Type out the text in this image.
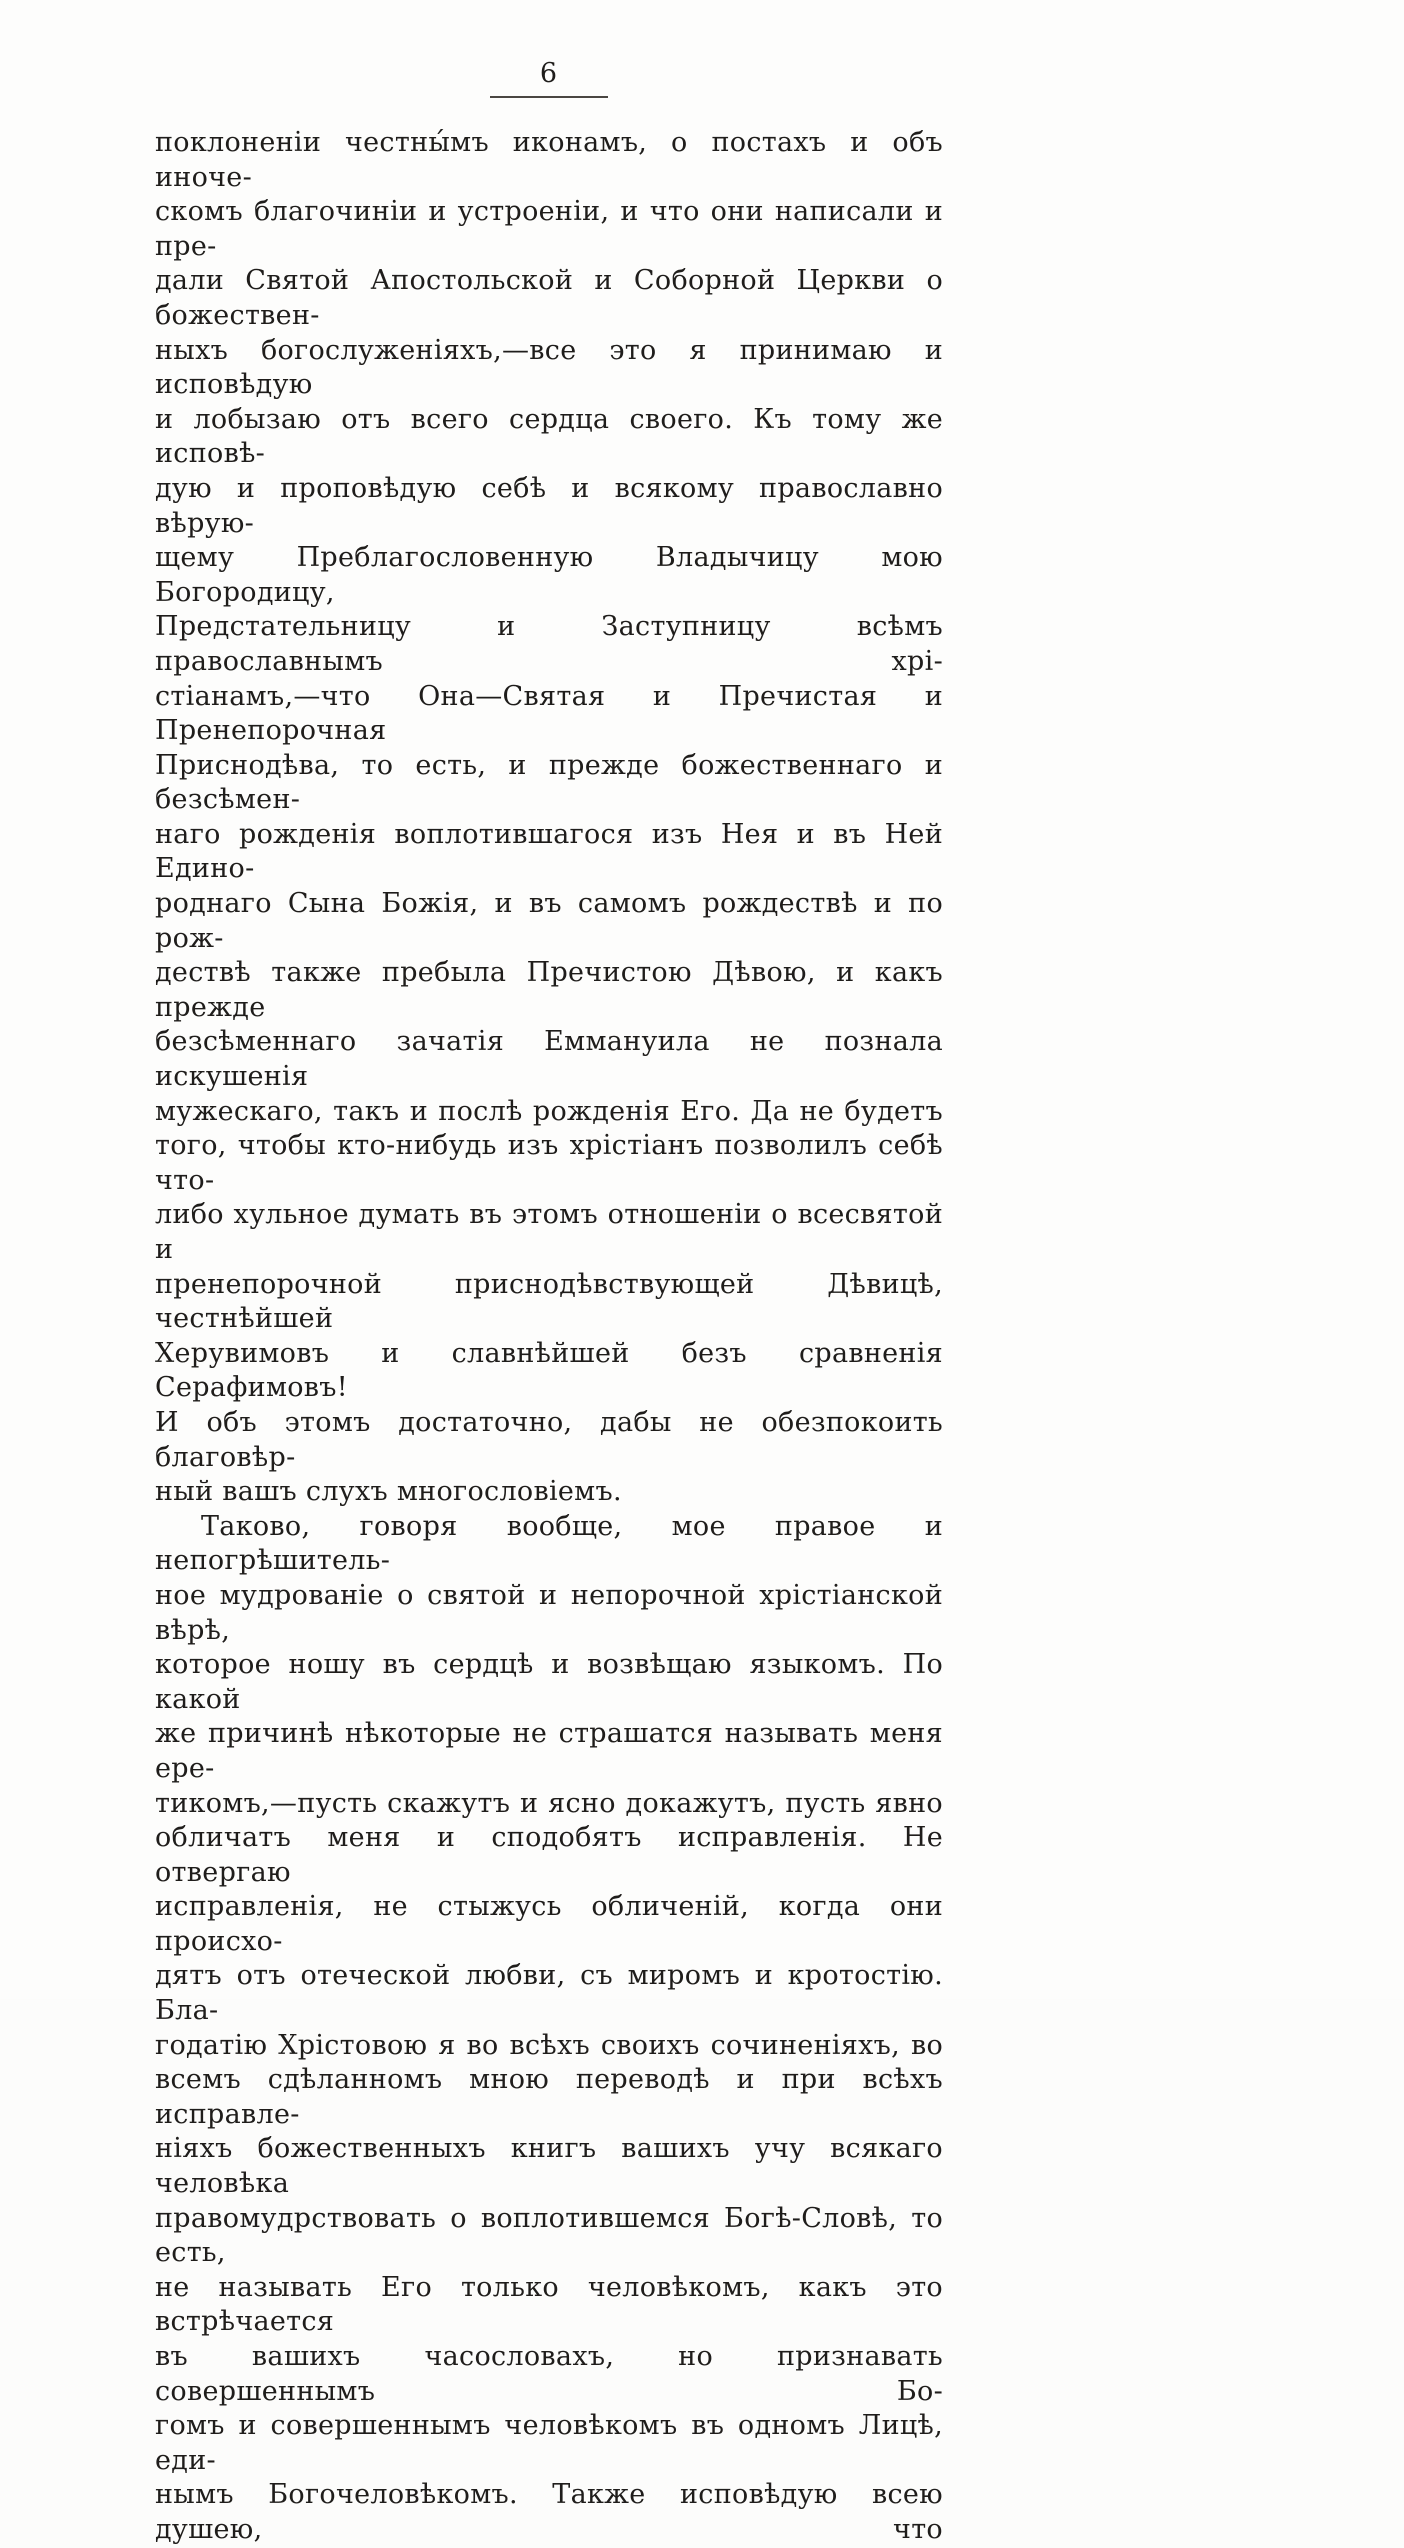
6
поклоненіи честны́мъ иконамъ, о постахъ и объ иноче-
скомъ благочиніи и устроеніи, и что они написали и пре-
дали Святой Апостольской и Соборной Церкви о божествен-
ныхъ богослуженіяхъ,—все это я принимаю и исповѣдую
и лобызаю отъ всего сердца своего. Къ тому же исповѣ-
дую и проповѣдую себѣ и всякому православно вѣрую-
щему Преблагословенную Владычицу мою Богородицу,
Предстательницу и Заступницу всѣмъ православнымъ хрі-
стіанамъ,—что Она—Святая и Пречистая и Пренепорочная
Приснодѣва, то есть, и прежде божественнаго и безсѣмен-
наго рожденія воплотившагося изъ Нея и въ Ней Едино-
роднаго Сына Божія, и въ самомъ рождествѣ и по рож-
дествѣ также пребыла Пречистою Дѣвою, и какъ прежде
безсѣменнаго зачатія Еммануила не познала искушенія
мужескаго, такъ и послѣ рожденія Его. Да не будетъ
того, чтобы кто-нибудь изъ хрістіанъ позволилъ себѣ что-
либо хульное думать въ этомъ отношеніи о всесвятой и
пренепорочной приснодѣвствующей Дѣвицѣ, честнѣйшей
Херувимовъ и славнѣйшей безъ сравненія Серафимовъ!
И объ этомъ достаточно, дабы не обезпокоить благовѣр-
ный вашъ слухъ многословіемъ.
Таково, говоря вообще, мое правое и непогрѣшитель-
ное мудрованіе о святой и непорочной хрістіанской вѣрѣ,
которое ношу въ сердцѣ и возвѣщаю языкомъ. По какой
же причинѣ нѣкоторые не страшатся называть меня ере-
тикомъ,—пусть скажутъ и ясно докажутъ, пусть явно
обличатъ меня и сподобятъ исправленія. Не отвергаю
исправленія, не стыжусь обличеній, когда они происхо-
дятъ отъ отеческой любви, съ миромъ и кротостію. Бла-
годатію Хрістовою я во всѣхъ своихъ сочиненіяхъ, во
всемъ сдѣланномъ мною переводѣ и при всѣхъ исправле-
ніяхъ божественныхъ книгъ вашихъ учу всякаго человѣка
правомудрствовать о воплотившемся Богѣ-Словѣ, то есть,
не называть Его только человѣкомъ, какъ это встрѣчается
въ вашихъ часословахъ, но признавать совершеннымъ Бо-
гомъ и совершеннымъ человѣкомъ въ одномъ Лицѣ, еди-
нымъ Богочеловѣкомъ. Также исповѣдую всею душею, что
